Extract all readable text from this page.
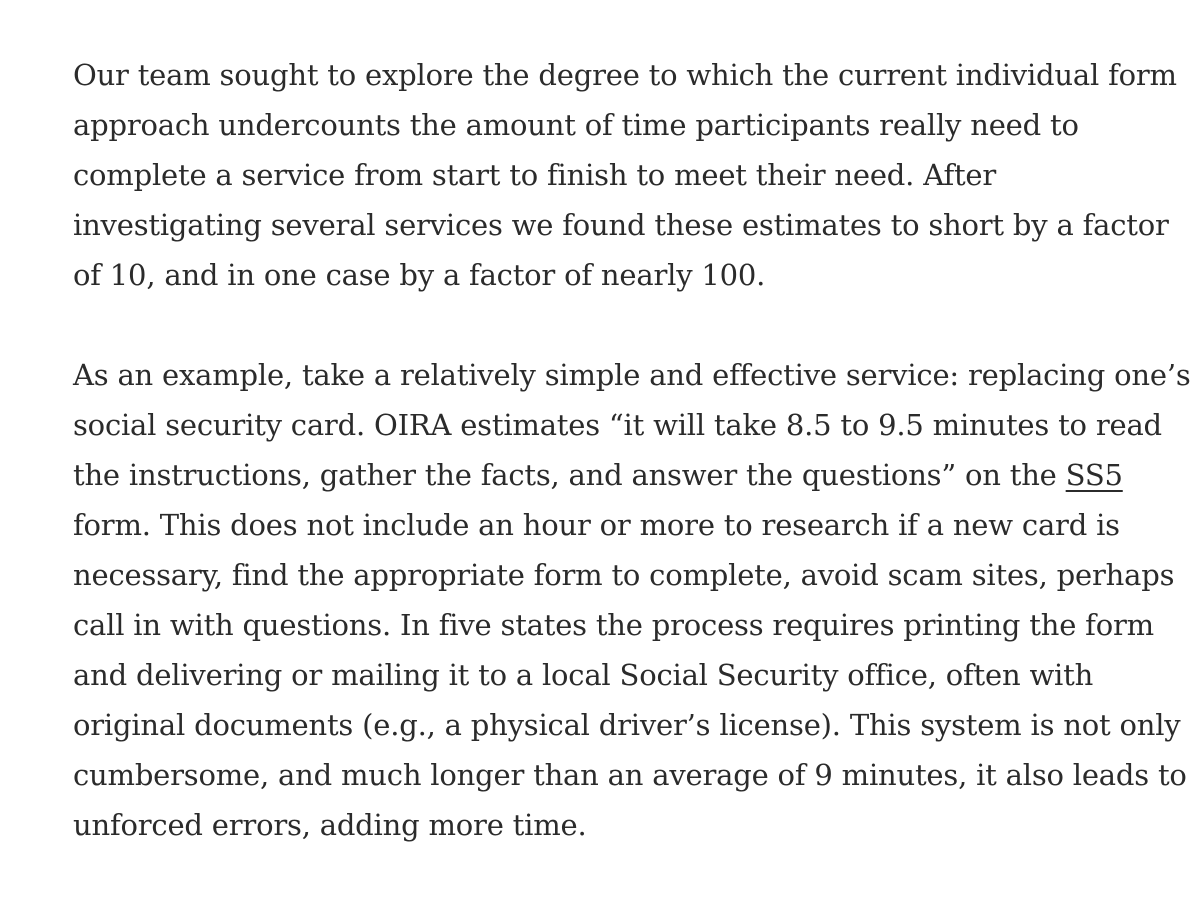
Our team sought to explore the degree to which the current individual form
approach undercounts the amount of time participants really need to
complete a service from start to finish to meet their need. After
investigating several services we found these estimates to short by a factor
of 10, and in one case by a factor of nearly 100.

As an example, take a relatively simple and effective service: replacing one’s
social security card. OIRA estimates “it will take 8.5 to 9.5 minutes to read
the instructions, gather the facts, and answer the questions” on the SS5
form. This does not include an hour or more to research if a new card is
necessary, find the appropriate form to complete, avoid scam sites, perhaps
call in with questions. In five states the process requires printing the form
and delivering or mailing it to a local Social Security office, often with
original documents (e.g., a physical driver’s license). This system is not only
cumbersome, and much longer than an average of 9 minutes, it also leads to
unforced errors, adding more time.
